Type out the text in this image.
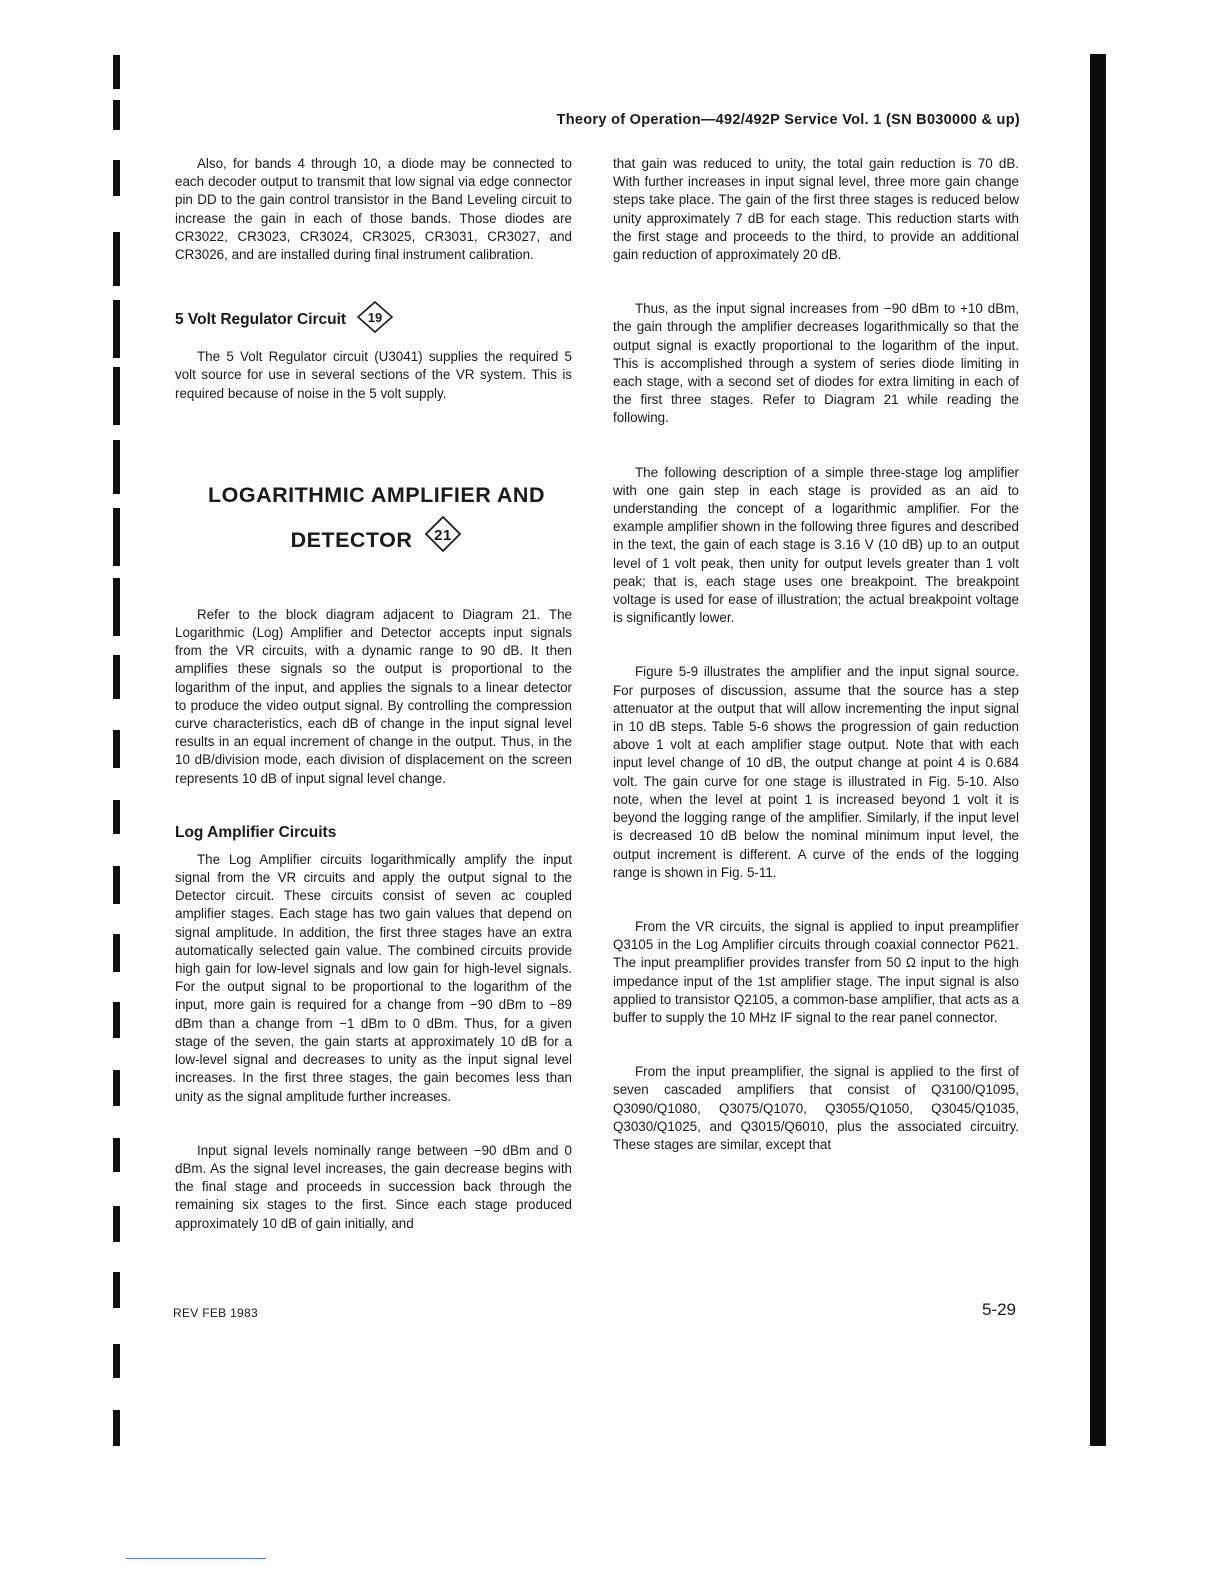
Theory of Operation—492/492P Service Vol. 1 (SN B030000 & up)

Also, for bands 4 through 10, a diode may be connected to each decoder output to transmit that low signal via edge connector pin DD to the gain control transistor in the Band Leveling circuit to increase the gain in each of those bands. Those diodes are CR3022, CR3023, CR3024, CR3025, CR3031, CR3027, and CR3026, and are installed during final instrument calibration.

5 Volt Regulator Circuit 19

The 5 Volt Regulator circuit (U3041) supplies the required 5 volt source for use in several sections of the VR system. This is required because of noise in the 5 volt supply.

LOGARITHMIC AMPLIFIER AND
DETECTOR 21

Refer to the block diagram adjacent to Diagram 21. The Logarithmic (Log) Amplifier and Detector accepts input signals from the VR circuits, with a dynamic range to 90 dB. It then amplifies these signals so the output is proportional to the logarithm of the input, and applies the signals to a linear detector to produce the video output signal. By controlling the compression curve characteristics, each dB of change in the input signal level results in an equal increment of change in the output. Thus, in the 10 dB/division mode, each division of displacement on the screen represents 10 dB of input signal level change.

Log Amplifier Circuits

The Log Amplifier circuits logarithmically amplify the input signal from the VR circuits and apply the output signal to the Detector circuit. These circuits consist of seven ac coupled amplifier stages. Each stage has two gain values that depend on signal amplitude. In addition, the first three stages have an extra automatically selected gain value. The combined circuits provide high gain for low-level signals and low gain for high-level signals. For the output signal to be proportional to the logarithm of the input, more gain is required for a change from −90 dBm to −89 dBm than a change from −1 dBm to 0 dBm. Thus, for a given stage of the seven, the gain starts at approximately 10 dB for a low-level signal and decreases to unity as the input signal level increases. In the first three stages, the gain becomes less than unity as the signal amplitude further increases.

Input signal levels nominally range between −90 dBm and 0 dBm. As the signal level increases, the gain decrease begins with the final stage and proceeds in succession back through the remaining six stages to the first. Since each stage produced approximately 10 dB of gain initially, and

that gain was reduced to unity, the total gain reduction is 70 dB. With further increases in input signal level, three more gain change steps take place. The gain of the first three stages is reduced below unity approximately 7 dB for each stage. This reduction starts with the first stage and proceeds to the third, to provide an additional gain reduction of approximately 20 dB.

Thus, as the input signal increases from −90 dBm to +10 dBm, the gain through the amplifier decreases logarithmically so that the output signal is exactly proportional to the logarithm of the input. This is accomplished through a system of series diode limiting in each stage, with a second set of diodes for extra limiting in each of the first three stages. Refer to Diagram 21 while reading the following.

The following description of a simple three-stage log amplifier with one gain step in each stage is provided as an aid to understanding the concept of a logarithmic amplifier. For the example amplifier shown in the following three figures and described in the text, the gain of each stage is 3.16 V (10 dB) up to an output level of 1 volt peak, then unity for output levels greater than 1 volt peak; that is, each stage uses one breakpoint. The breakpoint voltage is used for ease of illustration; the actual breakpoint voltage is significantly lower.

Figure 5-9 illustrates the amplifier and the input signal source. For purposes of discussion, assume that the source has a step attenuator at the output that will allow incrementing the input signal in 10 dB steps. Table 5-6 shows the progression of gain reduction above 1 volt at each amplifier stage output. Note that with each input level change of 10 dB, the output change at point 4 is 0.684 volt. The gain curve for one stage is illustrated in Fig. 5-10. Also note, when the level at point 1 is increased beyond 1 volt it is beyond the logging range of the amplifier. Similarly, if the input level is decreased 10 dB below the nominal minimum input level, the output increment is different. A curve of the ends of the logging range is shown in Fig. 5-11.

From the VR circuits, the signal is applied to input preamplifier Q3105 in the Log Amplifier circuits through coaxial connector P621. The input preamplifier provides transfer from 50 Ω input to the high impedance input of the 1st amplifier stage. The input signal is also applied to transistor Q2105, a common-base amplifier, that acts as a buffer to supply the 10 MHz IF signal to the rear panel connector.

From the input preamplifier, the signal is applied to the first of seven cascaded amplifiers that consist of Q3100/Q1095, Q3090/Q1080, Q3075/Q1070, Q3055/Q1050, Q3045/Q1035, Q3030/Q1025, and Q3015/Q6010, plus the associated circuitry. These stages are similar, except that

REV FEB 1983	5-29
